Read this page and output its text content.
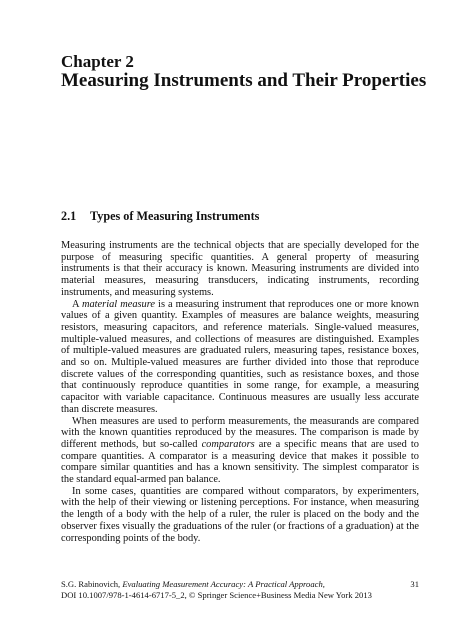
Chapter 2
Measuring Instruments and Their Properties
2.1 Types of Measuring Instruments

Measuring instruments are the technical objects that are specially developed for the purpose of measuring specific quantities. A general property of measuring instruments is that their accuracy is known. Measuring instruments are divided into material measures, measuring transducers, indicating instruments, recording instruments, and measuring systems.

A material measure is a measuring instrument that reproduces one or more known values of a given quantity. Examples of measures are balance weights, measuring resistors, measuring capacitors, and reference materials. Single-valued measures, multiple-valued measures, and collections of measures are distinguished. Examples of multiple-valued measures are graduated rulers, measuring tapes, resistance boxes, and so on. Multiple-valued measures are further divided into those that reproduce discrete values of the corresponding quantities, such as resistance boxes, and those that continuously reproduce quantities in some range, for example, a measuring capacitor with variable capacitance. Continuous measures are usually less accurate than discrete measures.

When measures are used to perform measurements, the measurands are compared with the known quantities reproduced by the measures. The comparison is made by different methods, but so-called comparators are a specific means that are used to compare quantities. A comparator is a measuring device that makes it possible to compare similar quantities and has a known sensitivity. The simplest comparator is the standard equal-armed pan balance.

In some cases, quantities are compared without comparators, by experimenters, with the help of their viewing or listening perceptions. For instance, when measuring the length of a body with the help of a ruler, the ruler is placed on the body and the observer fixes visually the graduations of the ruler (or fractions of a graduation) at the corresponding points of the body.

S.G. Rabinovich, Evaluating Measurement Accuracy: A Practical Approach,	31
DOI 10.1007/978-1-4614-6717-5_2, © Springer Science+Business Media New York 2013
